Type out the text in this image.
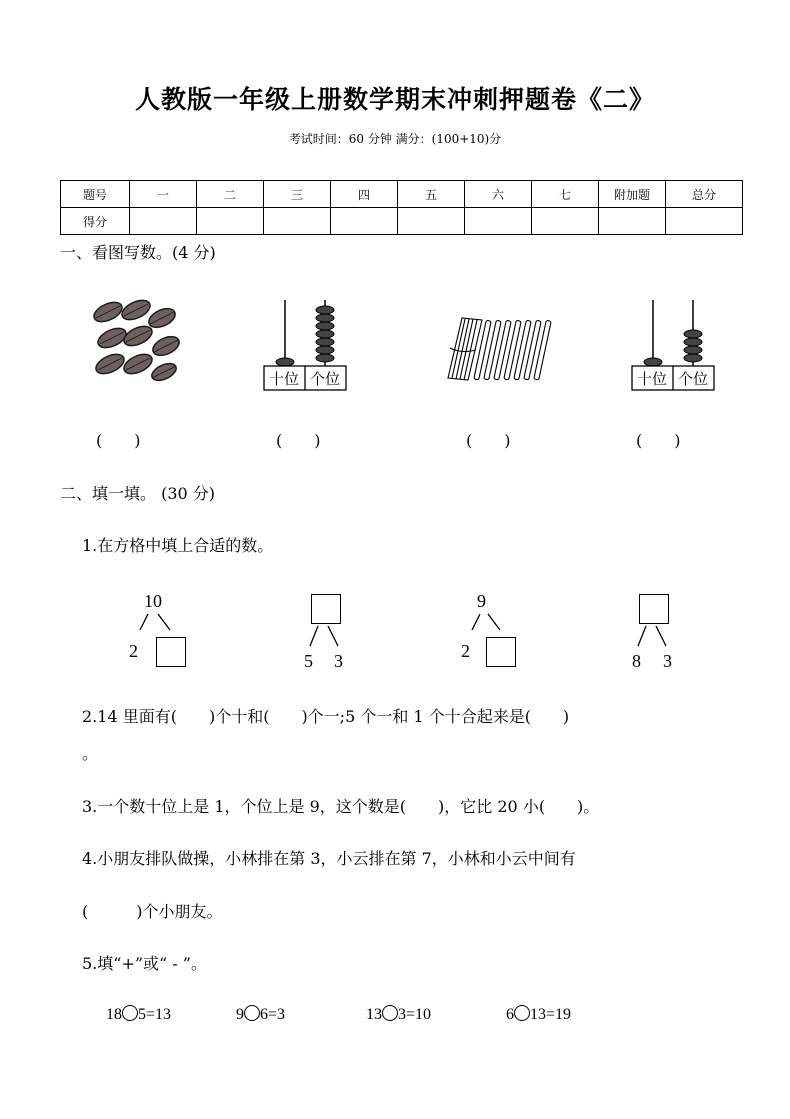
人教版一年级上册数学期末冲刺押题卷《二》
考试时间：60 分钟 满分：(100+10)分
题号	一	二	三	四	五	六	七	附加题	总分
得分									
一、看图写数。(4 分)
十位 个位	十位 个位
(　　)	(　　)	(　　)	(　　)
二、填一填。 (30 分)
1.在方格中填上合适的数。
10
2	5 3
9
2	8 3
2.14 里面有(　　)个十和(　　)个一;5 个一和 1 个十合起来是(　　)
。
3.一个数十位上是 1，个位上是 9，这个数是(　　)，它比 20 小(　　)。
4.小朋友排队做操，小林排在第 3，小云排在第 7，小林和小云中间有
(　　　)个小朋友。
5.填“+”或“ - ”。
18 5=13	9 6=3	13 3=10	6 13=19
